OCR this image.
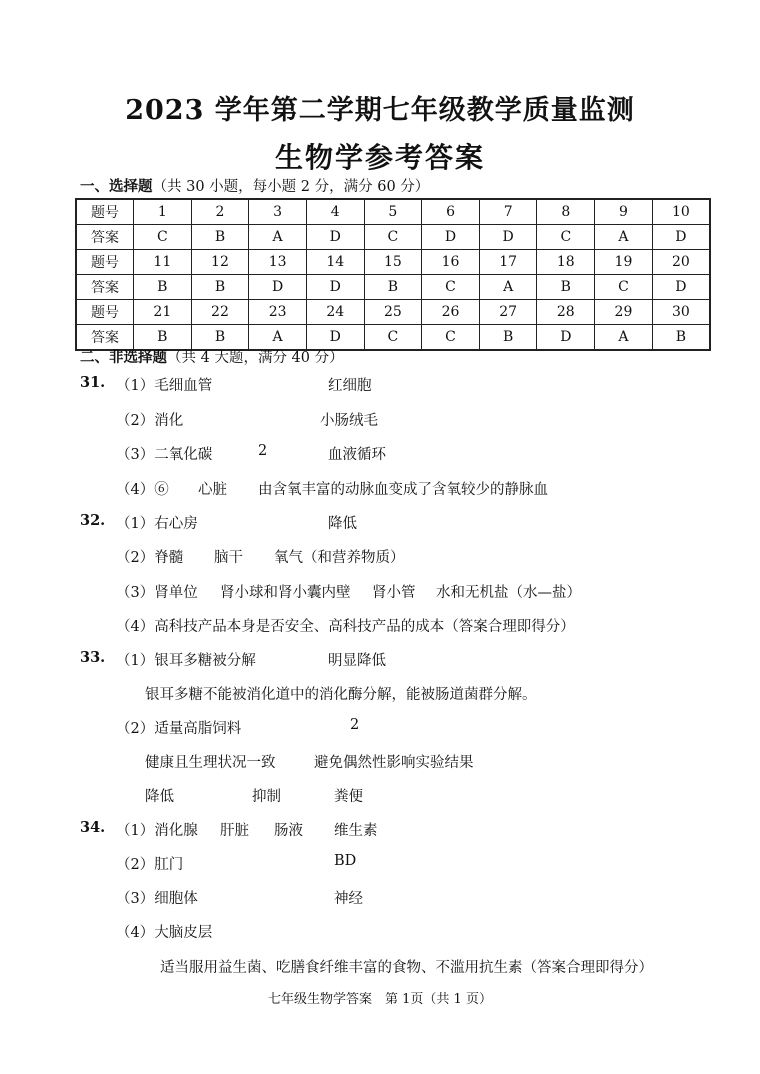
2023 学年第二学期七年级教学质量监测
生物学参考答案
一、选择题（共 30 小题，每小题 2 分，满分 60 分）
题号	1	2	3	4	5	6	7	8	9	10
答案	C	B	A	D	C	D	D	C	A	D
题号	11	12	13	14	15	16	17	18	19	20
答案	B	B	D	D	B	C	A	B	C	D
题号	21	22	23	24	25	26	27	28	29	30
答案	B	B	A	D	C	C	B	D	A	B
二、非选择题（共 4 大题，满分 40 分）
31. （1）毛细血管	红细胞
（2）消化	小肠绒毛
（3）二氧化碳	2	血液循环
（4）⑥ 心脏 由含氧丰富的动脉血变成了含氧较少的静脉血
32. （1）右心房	降低
（2）脊髓 脑干 氧气（和营养物质）
（3）肾单位 肾小球和肾小囊内壁 肾小管 水和无机盐（水—盐）
（4）高科技产品本身是否安全、高科技产品的成本（答案合理即得分）
33. （1）银耳多糖被分解	明显降低
银耳多糖不能被消化道中的消化酶分解，能被肠道菌群分解。
（2）适量高脂饲料	2
健康且生理状况一致	避免偶然性影响实验结果
降低	抑制	粪便
34. （1）消化腺 肝脏 肠液 维生素
（2）肛门	BD
（3）细胞体	神经
（4）大脑皮层
适当服用益生菌、吃膳食纤维丰富的食物、不滥用抗生素（答案合理即得分）
七年级生物学答案　第 1页（共 1 页）
